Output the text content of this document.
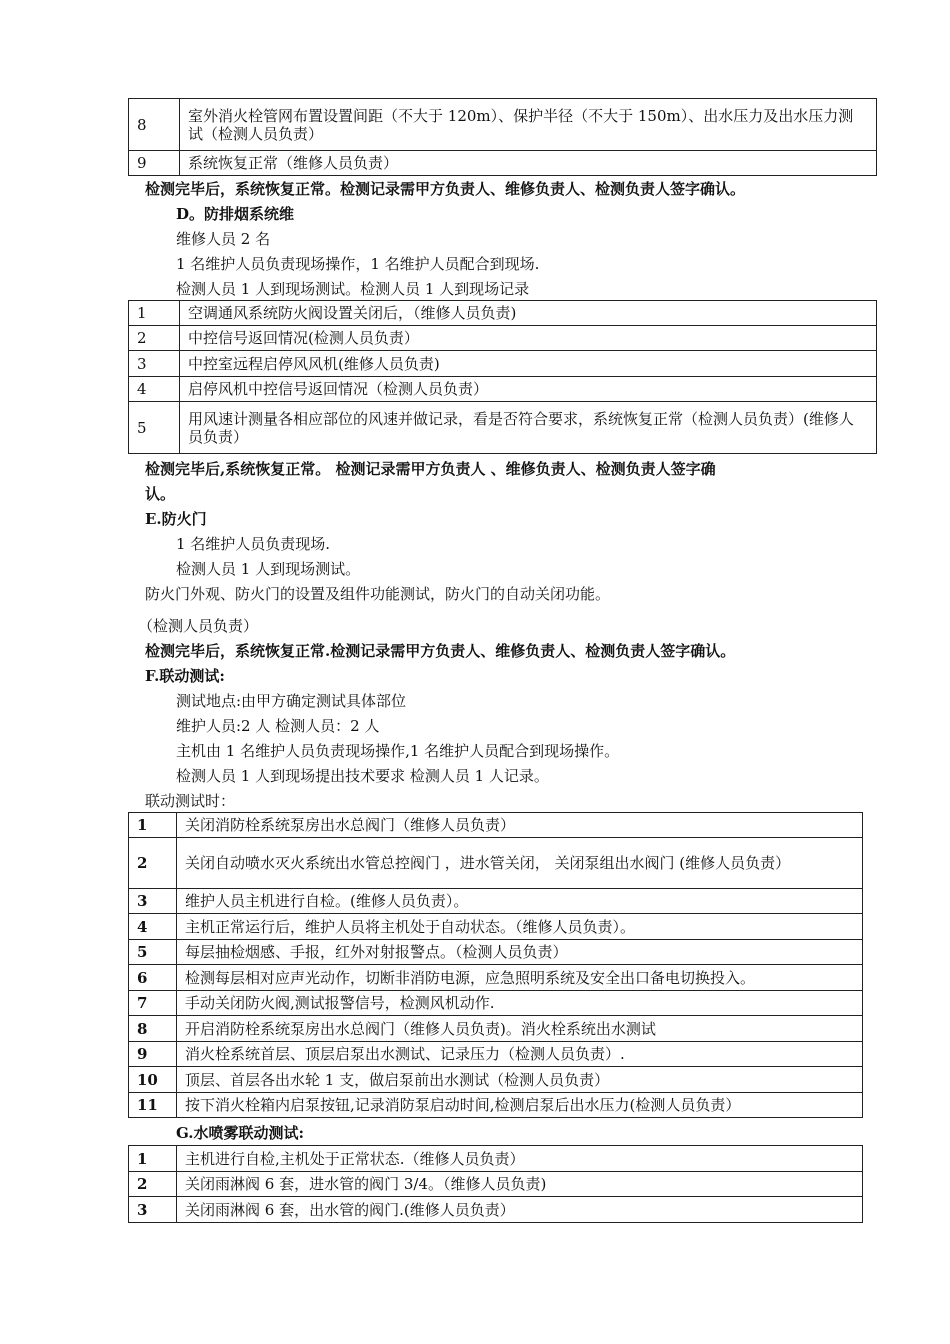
8	室外消火栓管网布置设置间距（不大于 120m）、保护半径（不大于 150m）、出水压力及出水压力测试（检测人员负责）
9	系统恢复正常（维修人员负责）
检测完毕后，系统恢复正常。检测记录需甲方负责人、维修负责人、检测负责人签字确认。
D。防排烟系统维
维修人员 2 名
1 名维护人员负责现场操作，1 名维护人员配合到现场.
检测人员 1 人到现场测试。检测人员 1 人到现场记录
1	空调通风系统防火阀设置关闭后，（维修人员负责)
2	中控信号返回情况(检测人员负责）
3	中控室远程启停风风机(维修人员负责)
4	启停风机中控信号返回情况（检测人员负责）
5	用风速计测量各相应部位的风速并做记录，看是否符合要求，系统恢复正常（检测人员负责）(维修人员负责）
检测完毕后,系统恢复正常。 检测记录需甲方负责人 、维修负责人、检测负责人签字确
认。
E.防火门
1 名维护人员负责现场.
检测人员 1 人到现场测试。
防火门外观、防火门的设置及组件功能测试，防火门的自动关闭功能。
（检测人员负责）
检测完毕后，系统恢复正常.检测记录需甲方负责人、维修负责人、检测负责人签字确认。
F.联动测试:
测试地点:由甲方确定测试具体部位
维护人员:2 人 检测人员：2 人
主机由 1 名维护人员负责现场操作,1 名维护人员配合到现场操作。
检测人员 1 人到现场提出技术要求 检测人员 1 人记录。
联动测试时：
1	关闭消防栓系统泵房出水总阀门（维修人员负责）
2	关闭自动喷水灭火系统出水管总控阀门 ，进水管关闭， 关闭泵组出水阀门 (维修人员负责）
3	维护人员主机进行自检。(维修人员负责）。
4	主机正常运行后，维护人员将主机处于自动状态。（维修人员负责）。
5	每层抽检烟感、手报，红外对射报警点。（检测人员负责）
6	检测每层相对应声光动作，切断非消防电源，应急照明系统及安全出口备电切换投入。
7	手动关闭防火阀,测试报警信号，检测风机动作.
8	开启消防栓系统泵房出水总阀门（维修人员负责)。消火栓系统出水测试
9	消火栓系统首层、顶层启泵出水测试、记录压力（检测人员负责）.
10	顶层、首层各出水轮 1 支，做启泵前出水测试（检测人员负责）
11	按下消火栓箱内启泵按钮,记录消防泵启动时间,检测启泵后出水压力(检测人员负责）
G.水喷雾联动测试:
1	主机进行自检,主机处于正常状态.（维修人员负责）
2	关闭雨淋阀 6 套，进水管的阀门 3/4。（维修人员负责)
3	关闭雨淋阀 6 套，出水管的阀门.(维修人员负责）
